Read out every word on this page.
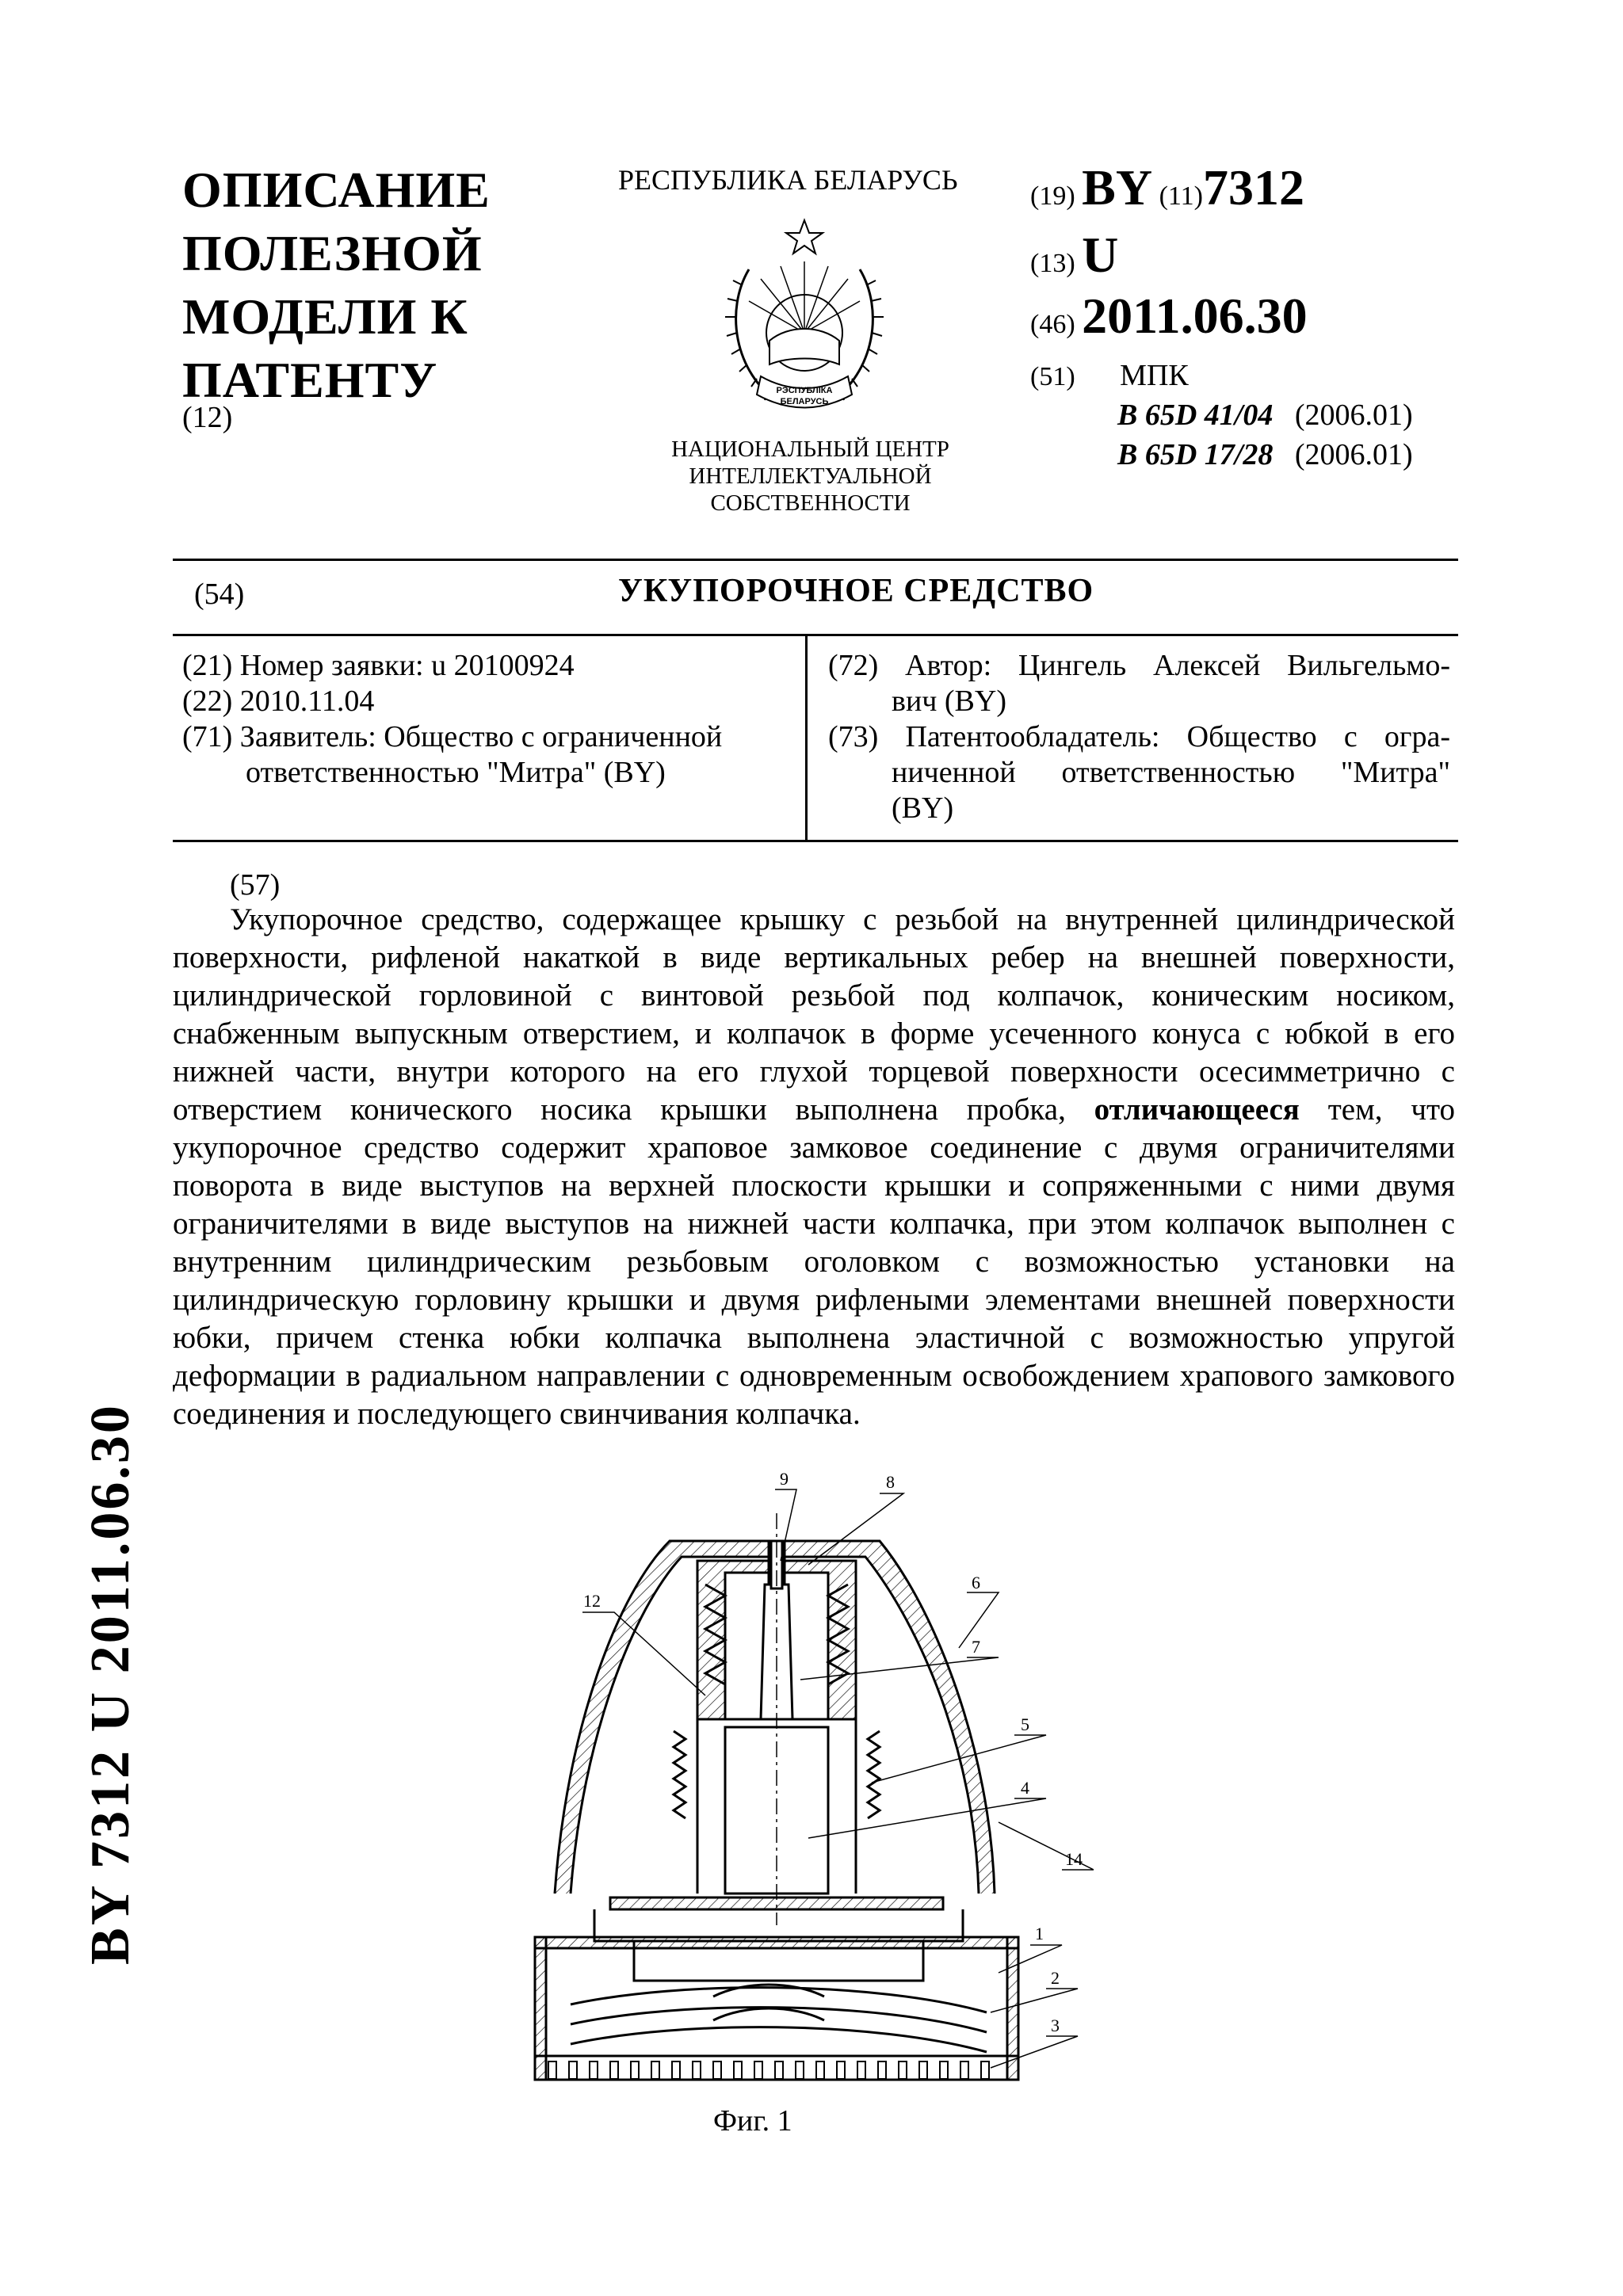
ОПИСАНИЕ
ПОЛЕЗНОЙ
МОДЕЛИ К
ПАТЕНТУ
(12)
РЕСПУБЛИКА БЕЛАРУСЬ
РЭСПУБЛІКА
БЕЛАРУСЬ
НАЦИОНАЛЬНЫЙ ЦЕНТР
ИНТЕЛЛЕКТУАЛЬНОЙ
СОБСТВЕННОСТИ
(19) BY (11)7312
(13) U
(46) 2011.06.30
(51) МПК
B 65D 41/04 (2006.01)
B 65D 17/28 (2006.01)
(54)	УКУПОРОЧНОЕ СРЕДСТВО

(21) Номер заявки: u 20100924

(22) 2010.11.04

(71) Заявитель: Общество с ограниченной

ответственностью "Митра" (BY)

(72) Автор: Цингель Алексей Вильгельмо-

вич (BY)

(73) Патентообладатель: Общество с огра-

ниченной ответственностью "Митра"

(BY)

(57)
Укупорочное средство, содержащее крышку с резьбой на внутренней цилиндрической поверхности, рифленой накаткой в виде вертикальных ребер на внешней поверхности, цилиндрической горловиной с винтовой резьбой под колпачок, коническим носиком, снабженным выпускным отверстием, и колпачок в форме усеченного конуса с юбкой в его нижней части, внутри которого на его глухой торцевой поверхности осесимметрично с отверстием конического носика крышки выполнена пробка, отличающееся тем, что укупорочное средство содержит храповое замковое соединение с двумя ограничителями поворота в виде выступов на верхней плоскости крышки и сопряженными с ними двумя ограничителями в виде выступов на нижней части колпачка, при этом колпачок выполнен с внутренним цилиндрическим резьбовым оголовком с возможностью установки на цилиндрическую горловину крышки и двумя рифлеными элементами внешней поверхности юбки, причем стенка юбки колпачка выполнена эластичной с возможностью упругой деформации в радиальном направлении с одновременным освобождением храпового замкового соединения и последующего свинчивания колпачка.
9	8
6
12
7
5
4
14
1
2
3
Фиг. 1
BY 7312 U 2011.06.30
